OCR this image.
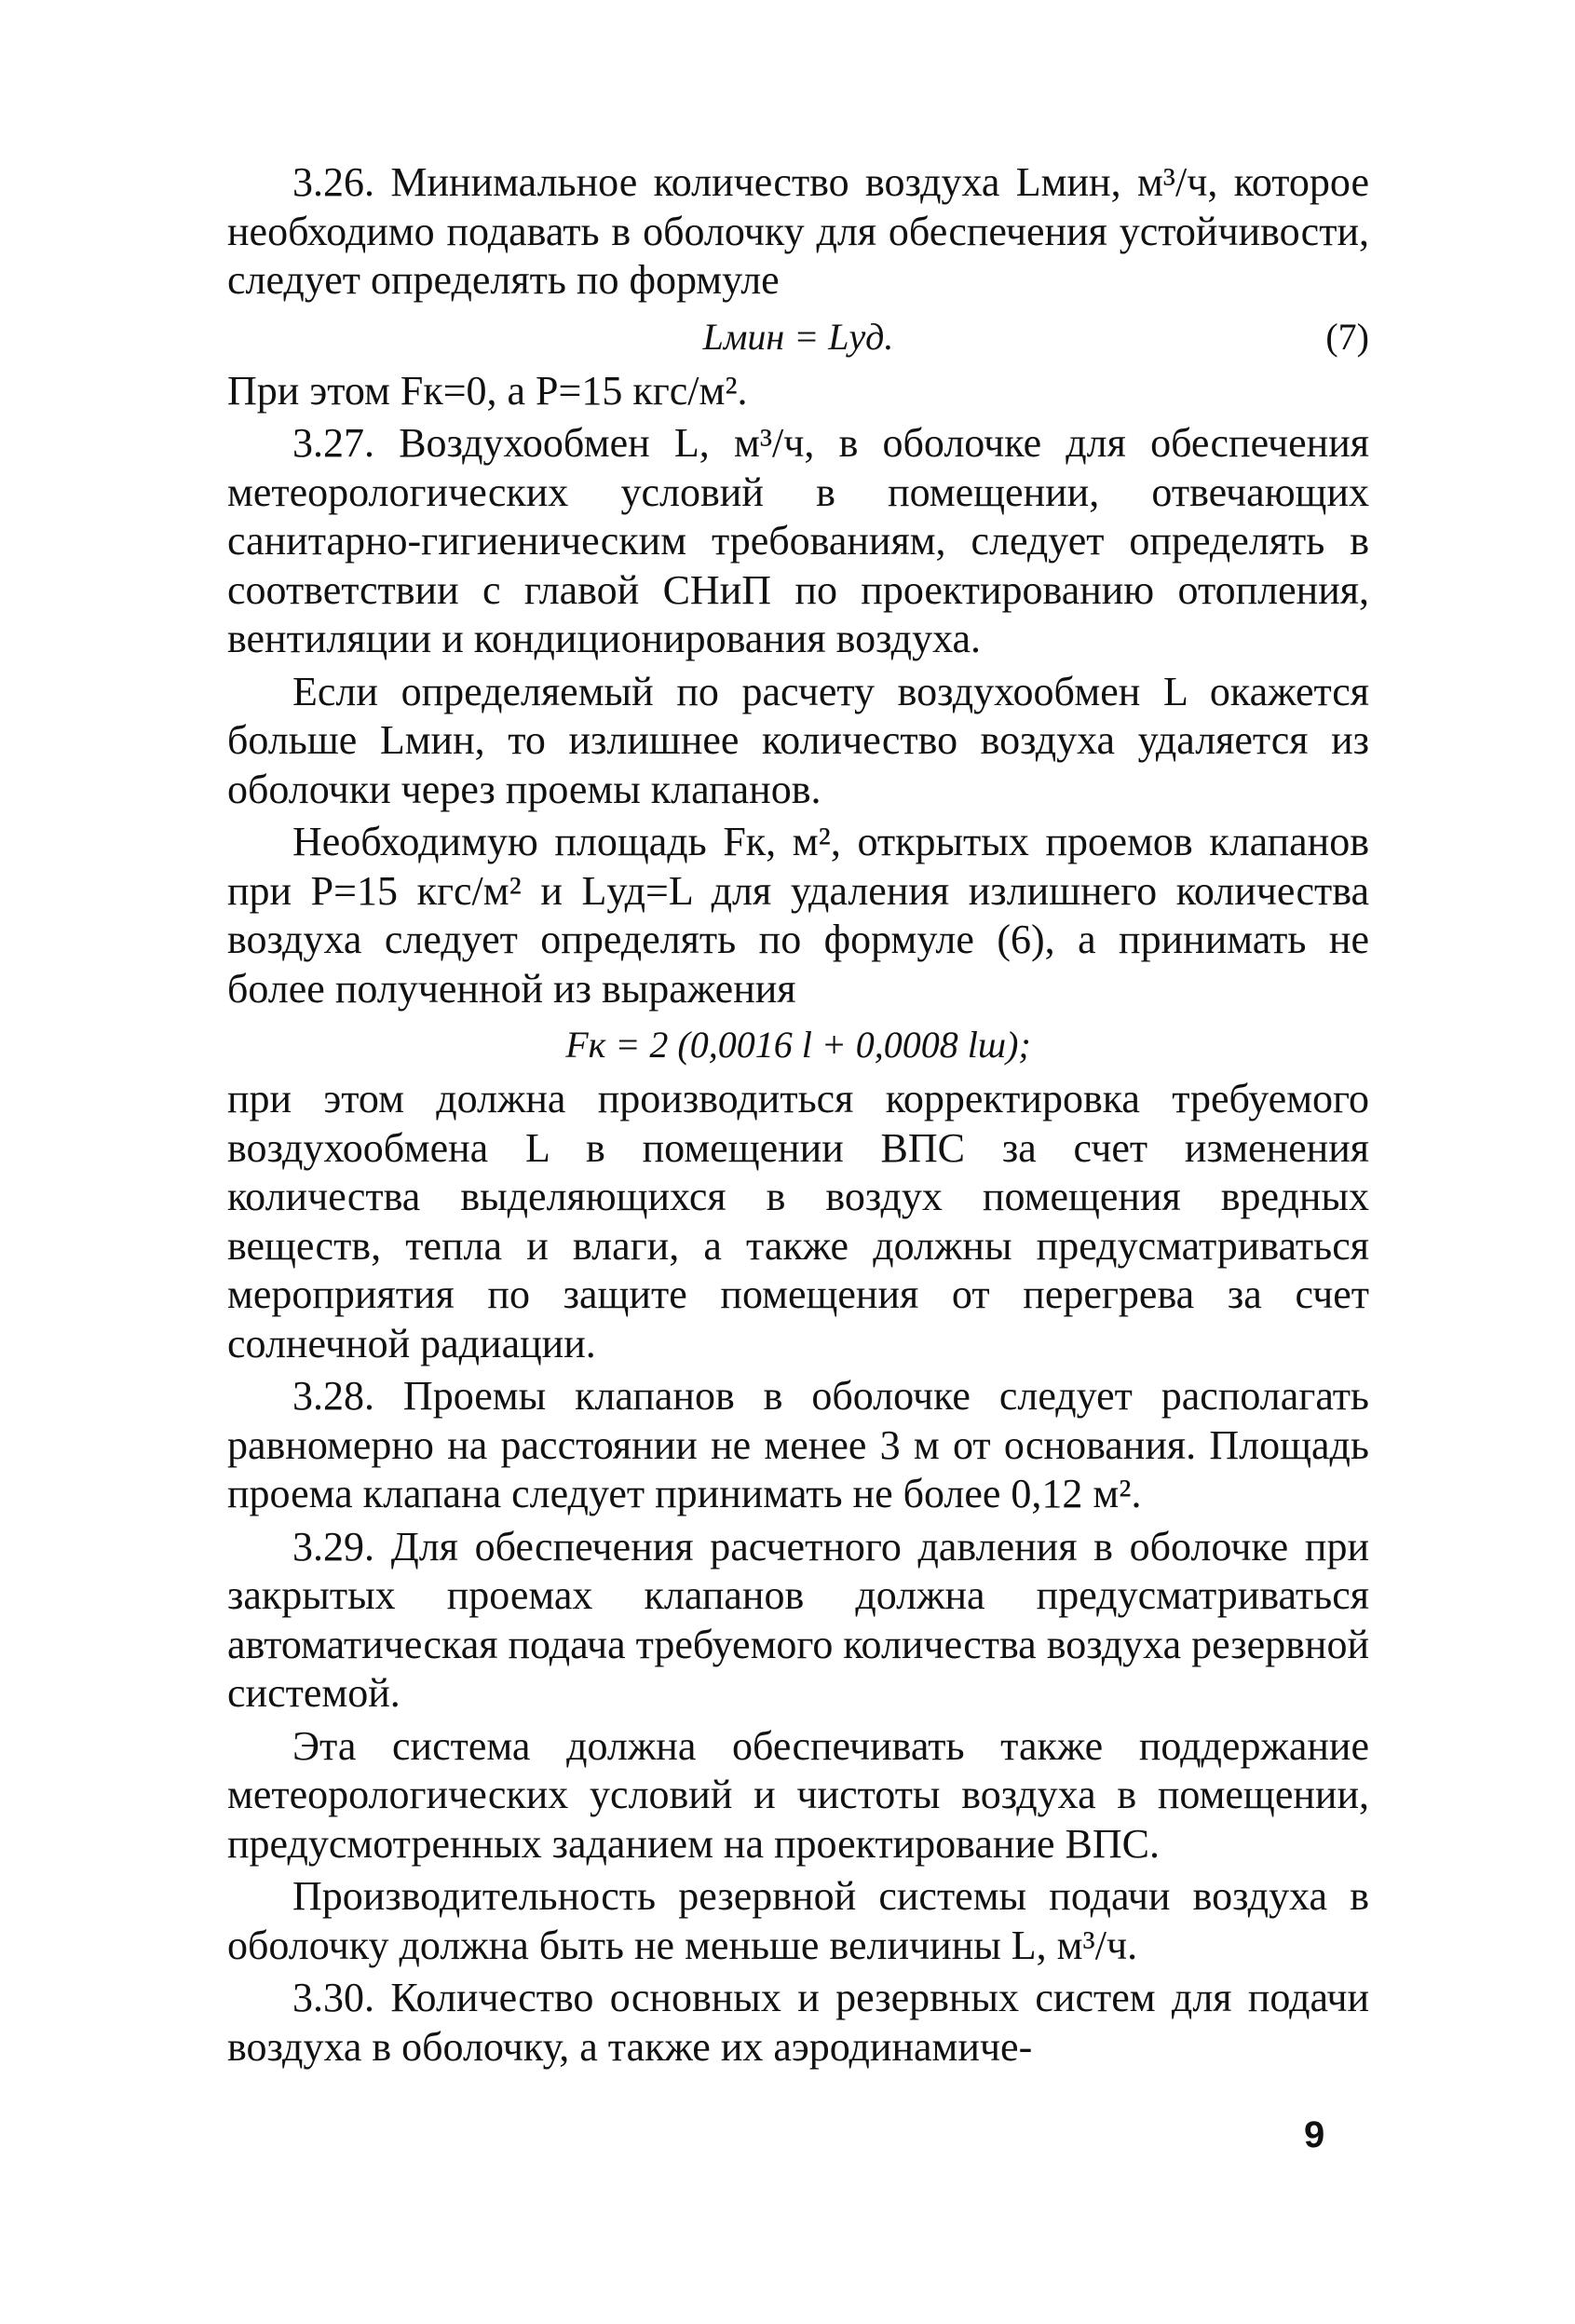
3.26. Минимальное количество воздуха Lмин, м³/ч, которое необходимо подавать в оболочку для обеспечения устойчивости, следует определять по формуле

Lмин = Lуд.	(7)

При этом Fк=0, а P=15 кгс/м².

3.27. Воздухообмен L, м³/ч, в оболочке для обеспечения метеорологических условий в помещении, отвечающих санитарно-гигиеническим требованиям, следует определять в соответствии с главой СНиП по проектированию отопления, вентиляции и кондиционирования воздуха.

Если определяемый по расчету воздухообмен L окажется больше Lмин, то излишнее количество воздуха удаляется из оболочки через проемы клапанов.

Необходимую площадь Fк, м², открытых проемов клапанов при P=15 кгс/м² и Lуд=L для удаления излишнего количества воздуха следует определять по формуле (6), а принимать не более полученной из выражения

Fк = 2 (0,0016 l + 0,0008 lш);

при этом должна производиться корректировка требуемого воздухообмена L в помещении ВПС за счет изменения количества выделяющихся в воздух помещения вредных веществ, тепла и влаги, а также должны предусматриваться мероприятия по защите помещения от перегрева за счет солнечной радиации.

3.28. Проемы клапанов в оболочке следует располагать равномерно на расстоянии не менее 3 м от основания. Площадь проема клапана следует принимать не более 0,12 м².

3.29. Для обеспечения расчетного давления в оболочке при закрытых проемах клапанов должна предусматриваться автоматическая подача требуемого количества воздуха резервной системой.

Эта система должна обеспечивать также поддержание метеорологических условий и чистоты воздуха в помещении, предусмотренных заданием на проектирование ВПС.

Производительность резервной системы подачи воздуха в оболочку должна быть не меньше величины L, м³/ч.

3.30. Количество основных и резервных систем для подачи воздуха в оболочку, а также их аэродинамиче-

9
